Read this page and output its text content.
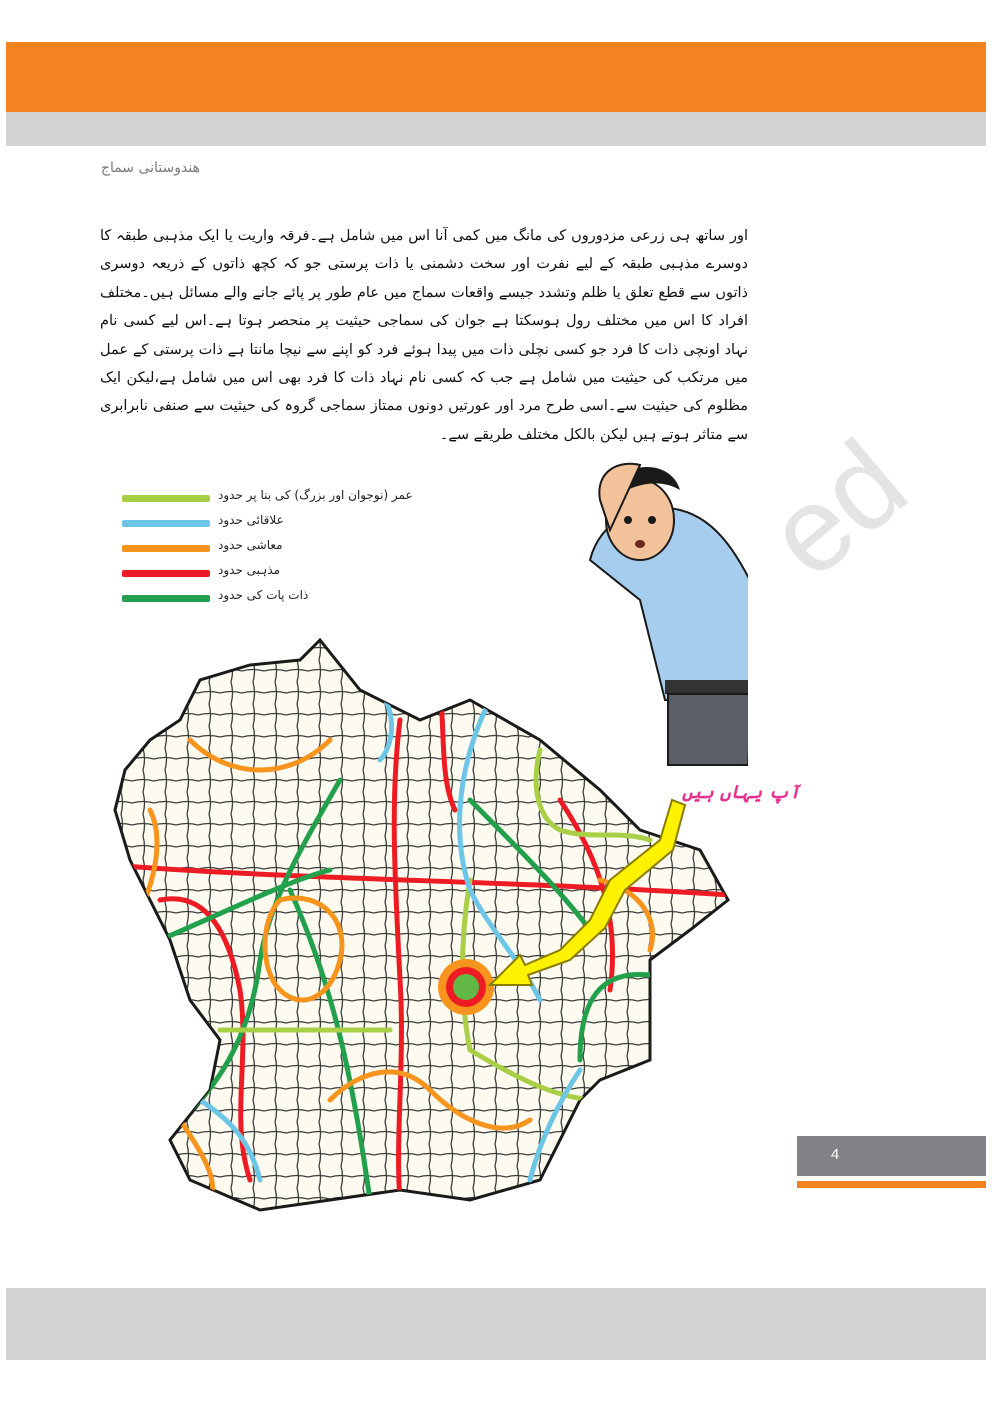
هندوستانی سماج
اور ساتھ ہی زرعی مزدوروں کی مانگ میں کمی آنا اس میں شامل ہے۔فرقہ واریت یا ایک مذہبی طبقہ کا دوسرے مذہبی طبقہ کے لیے نفرت اور سخت دشمنی یا ذات پرستی جو کہ کچھ ذاتوں کے ذریعہ دوسری ذاتوں سے قطع تعلق یا ظلم وتشدد جیسے واقعات سماج میں عام طور پر پائے جانے والے مسائل ہیں۔مختلف افراد کا اس میں مختلف رول ہوسکتا ہے جوان کی سماجی حیثیت پر منحصر ہوتا ہے۔اس لیے کسی نام نہاد اونچی ذات کا فرد جو کسی نچلی ذات میں پیدا ہوئے فرد کو اپنے سے نیچا مانتا ہے ذات پرستی کے عمل میں مرتکب کی حیثیت میں شامل ہے جب کہ کسی نام نہاد ذات کا فرد بھی اس میں شامل ہے،لیکن ایک مظلوم کی حیثیت سے۔اسی طرح مرد اور عورتیں دونوں ممتاز سماجی گروہ کی حیثیت سے صنفی نابرابری سے متاثر ہوتے ہیں لیکن بالکل مختلف طریقے سے۔
ed
عمر (نوجوان اور بزرگ) کی بنا پر حدود
علاقائی حدود
معاشی حدود
مذہبی حدود
ذات پات کی حدود
آپ یہاں ہیں
4
